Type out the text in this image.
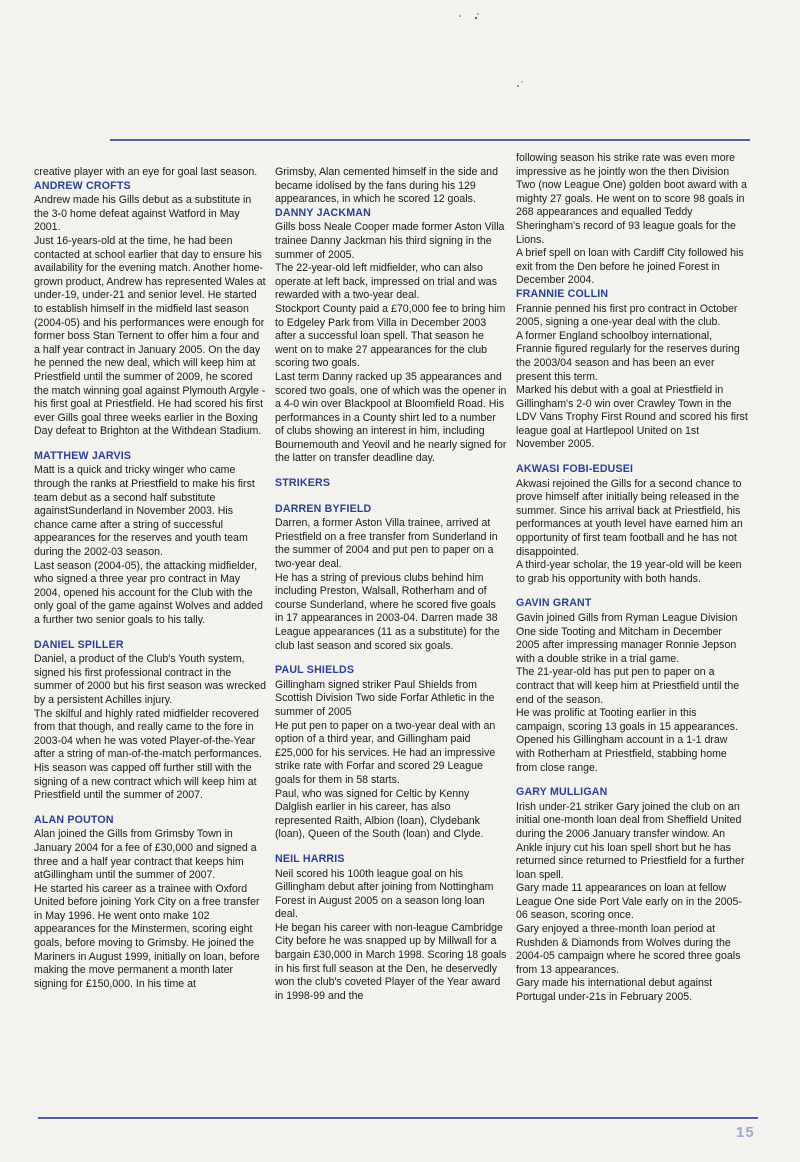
creative player with an eye for goal last season.

ANDREW CROFTS

Andrew made his Gills debut as a substitute in the 3-0 home defeat against Watford in May 2001.

Just 16-years-old at the time, he had been contacted at school earlier that day to ensure his availability for the evening match. Another home-grown product, Andrew has represented Wales at under-19, under-21 and senior level. He started to establish himself in the midfield last season (2004-05) and his performances were enough for former boss Stan Ternent to offer him a four and a half year contract in January 2005. On the day he penned the new deal, which will keep him at Priestfield until the summer of 2009, he scored the match winning goal against Plymouth Argyle - his first goal at Priestfield. He had scored his first ever Gills goal three weeks earlier in the Boxing Day defeat to Brighton at the Withdean Stadium.

MATTHEW JARVIS

Matt is a quick and tricky winger who came through the ranks at Priestfield to make his first team debut as a second half substitute againstSunderland in November 2003. His chance came after a string of successful appearances for the reserves and youth team during the 2002-03 season.

Last season (2004-05), the attacking midfielder, who signed a three year pro contract in May 2004, opened his account for the Club with the only goal of the game against Wolves and added a further two senior goals to his tally.

DANIEL SPILLER

Daniel, a product of the Club's Youth system, signed his first professional contract in the summer of 2000 but his first season was wrecked by a persistent Achilles injury.

The skilful and highly rated midfielder recovered from that though, and really came to the fore in 2003-04 when he was voted Player-of-the-Year after a string of man-of-the-match performances. His season was capped off further still with the signing of a new contract which will keep him at Priestfield until the summer of 2007.

ALAN POUTON

Alan joined the Gills from Grimsby Town in January 2004 for a fee of £30,000 and signed a three and a half year contract that keeps him atGillingham until the summer of 2007.

He started his career as a trainee with Oxford United before joining York City on a free transfer in May 1996. He went onto make 102 appearances for the Minstermen, scoring eight goals, before moving to Grimsby. He joined the Mariners in August 1999, initially on loan, before making the move permanent a month later signing for £150,000. In his time at

Grimsby, Alan cemented himself in the side and became idolised by the fans during his 129 appearances, in which he scored 12 goals.

DANNY JACKMAN

Gills boss Neale Cooper made former Aston Villa trainee Danny Jackman his third signing in the summer of 2005.

The 22-year-old left midfielder, who can also operate at left back, impressed on trial and was rewarded with a two-year deal.

Stockport County paid a £70,000 fee to bring him to Edgeley Park from Villa in December 2003 after a successful loan spell. That season he went on to make 27 appearances for the club scoring two goals.

Last term Danny racked up 35 appearances and scored two goals, one of which was the opener in a 4-0 win over Blackpool at Bloomfield Road. His performances in a County shirt led to a number of clubs showing an interest in him, including Bournemouth and Yeovil and he nearly signed for the latter on transfer deadline day.

STRIKERS

DARREN BYFIELD

Darren, a former Aston Villa trainee, arrived at Priestfield on a free transfer from Sunderland in the summer of 2004 and put pen to paper on a two-year deal.

He has a string of previous clubs behind him including Preston, Walsall, Rotherham and of course Sunderland, where he scored five goals in 17 appearances in 2003-04. Darren made 38 League appearances (11 as a substitute) for the club last season and scored six goals.

PAUL SHIELDS

Gillingham signed striker Paul Shields from Scottish Division Two side Forfar Athletic in the summer of 2005

He put pen to paper on a two-year deal with an option of a third year, and Gillingham paid £25,000 for his services. He had an impressive strike rate with Forfar and scored 29 League goals for them in 58 starts.

Paul, who was signed for Celtic by Kenny Dalglish earlier in his career, has also represented Raith, Albion (loan), Clydebank (loan), Queen of the South (loan) and Clyde.

NEIL HARRIS

Neil scored his 100th league goal on his Gillingham debut after joining from Nottingham Forest in August 2005 on a season long loan deal.

He began his career with non-league Cambridge City before he was snapped up by Millwall for a bargain £30,000 in March 1998. Scoring 18 goals in his first full season at the Den, he deservedly won the club's coveted Player of the Year award in 1998-99 and the

following season his strike rate was even more impressive as he jointly won the then Division Two (now League One) golden boot award with a mighty 27 goals. He went on to score 98 goals in 268 appearances and equalled Teddy Sheringham's record of 93 league goals for the Lions.

A brief spell on loan with Cardiff City followed his exit from the Den before he joined Forest in December 2004.

FRANNIE COLLIN

Frannie penned his first pro contract in October 2005, signing a one-year deal with the club.

A former England schoolboy international, Frannie figured regularly for the reserves during the 2003/04 season and has been an ever present this term.

Marked his debut with a goal at Priestfield in Gillingham's 2-0 win over Crawley Town in the LDV Vans Trophy First Round and scored his first league goal at Hartlepool United on 1st November 2005.

AKWASI FOBI-EDUSEI

Akwasi rejoined the Gills for a second chance to prove himself after initially being released in the summer. Since his arrival back at Priestfield, his performances at youth level have earned him an opportunity of first team football and he has not disappointed.

A third-year scholar, the 19 year-old will be keen to grab his opportunity with both hands.

GAVIN GRANT

Gavin joined Gills from Ryman League Division One side Tooting and Mitcham in December 2005 after impressing manager Ronnie Jepson with a double strike in a trial game.

The 21-year-old has put pen to paper on a contract that will keep him at Priestfield until the end of the season.

He was prolific at Tooting earlier in this campaign, scoring 13 goals in 15 appearances. Opened his Gillingham account in a 1-1 draw with Rotherham at Priestfield, stabbing home from close range.

GARY MULLIGAN

Irish under-21 striker Gary joined the club on an initial one-month loan deal from Sheffield United during the 2006 January transfer window. An Ankle injury cut his loan spell short but he has returned since returned to Priestfield for a further loan spell.

Gary made 11 appearances on loan at fellow League One side Port Vale early on in the 2005-06 season, scoring once.

Gary enjoyed a three-month loan period at Rushden & Diamonds from Wolves during the 2004-05 campaign where he scored three goals from 13 appearances.

Gary made his international debut against Portugal under-21s in February 2005.

15
